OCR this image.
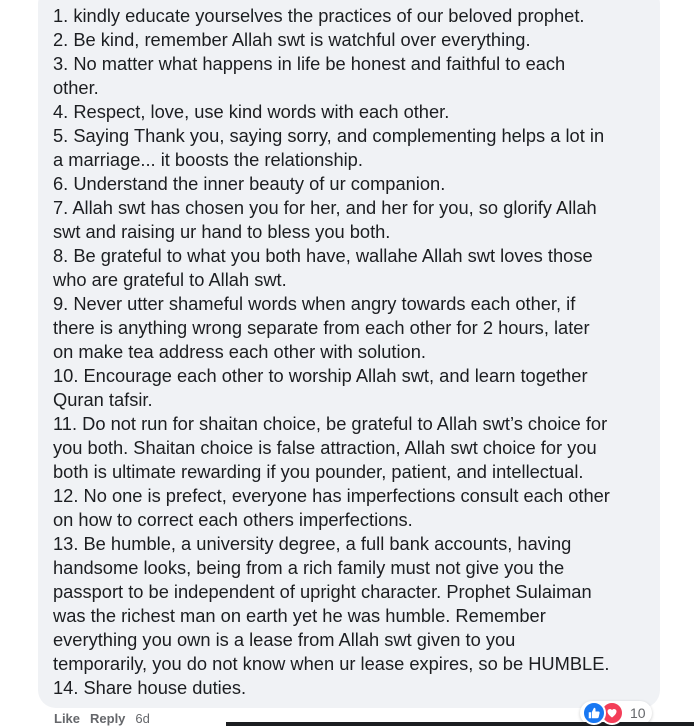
1. kindly educate yourselves the practices of our beloved prophet.
2. Be kind, remember Allah swt is watchful over everything.
3. No matter what happens in life be honest and faithful to each
other.
4. Respect, love, use kind words with each other.
5. Saying Thank you, saying sorry, and complementing helps a lot in
a marriage... it boosts the relationship.
6. Understand the inner beauty of ur companion.
7. Allah swt has chosen you for her, and her for you, so glorify Allah
swt and raising ur hand to bless you both.
8. Be grateful to what you both have, wallahe Allah swt loves those
who are grateful to Allah swt.
9. Never utter shameful words when angry towards each other, if
there is anything wrong separate from each other for 2 hours, later
on make tea address each other with solution.
10. Encourage each other to worship Allah swt, and learn together
Quran tafsir.
11. Do not run for shaitan choice, be grateful to Allah swt’s choice for
you both. Shaitan choice is false attraction, Allah swt choice for you
both is ultimate rewarding if you pounder, patient, and intellectual.
12. No one is prefect, everyone has imperfections consult each other
on how to correct each others imperfections.
13. Be humble, a university degree, a full bank accounts, having
handsome looks, being from a rich family must not give you the
passport to be independent of upright character. Prophet Sulaiman
was the richest man on earth yet he was humble. Remember
everything you own is a lease from Allah swt given to you
temporarily, you do not know when ur lease expires, so be HUMBLE.
14. Share house duties.
10
Like Reply 6d
